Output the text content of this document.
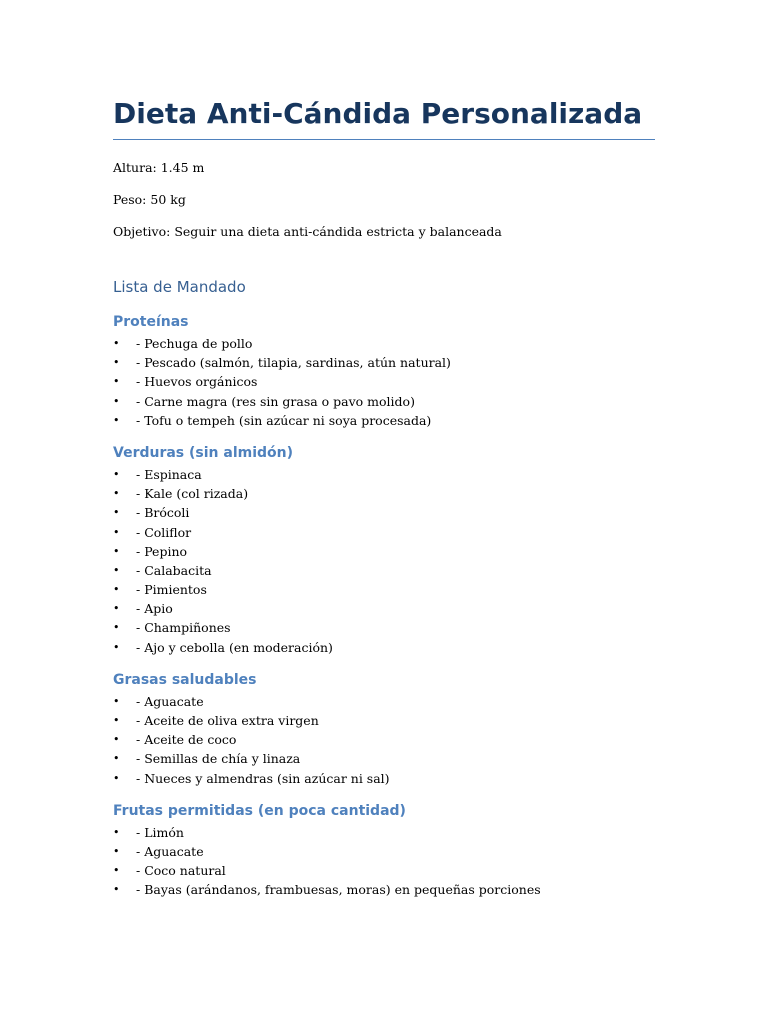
Dieta Anti-Cándida Personalizada

Altura: 1.45 m

Peso: 50 kg

Objetivo: Seguir una dieta anti-cándida estricta y balanceada

Lista de Mandado
Proteínas
• - Pechuga de pollo
• - Pescado (salmón, tilapia, sardinas, atún natural)
• - Huevos orgánicos
• - Carne magra (res sin grasa o pavo molido)
• - Tofu o tempeh (sin azúcar ni soya procesada)
Verduras (sin almidón)
• - Espinaca
• - Kale (col rizada)
• - Brócoli
• - Coliflor
• - Pepino
• - Calabacita
• - Pimientos
• - Apio
• - Champiñones
• - Ajo y cebolla (en moderación)
Grasas saludables
• - Aguacate
• - Aceite de oliva extra virgen
• - Aceite de coco
• - Semillas de chía y linaza
• - Nueces y almendras (sin azúcar ni sal)
Frutas permitidas (en poca cantidad)
• - Limón
• - Aguacate
• - Coco natural
• - Bayas (arándanos, frambuesas, moras) en pequeñas porciones
